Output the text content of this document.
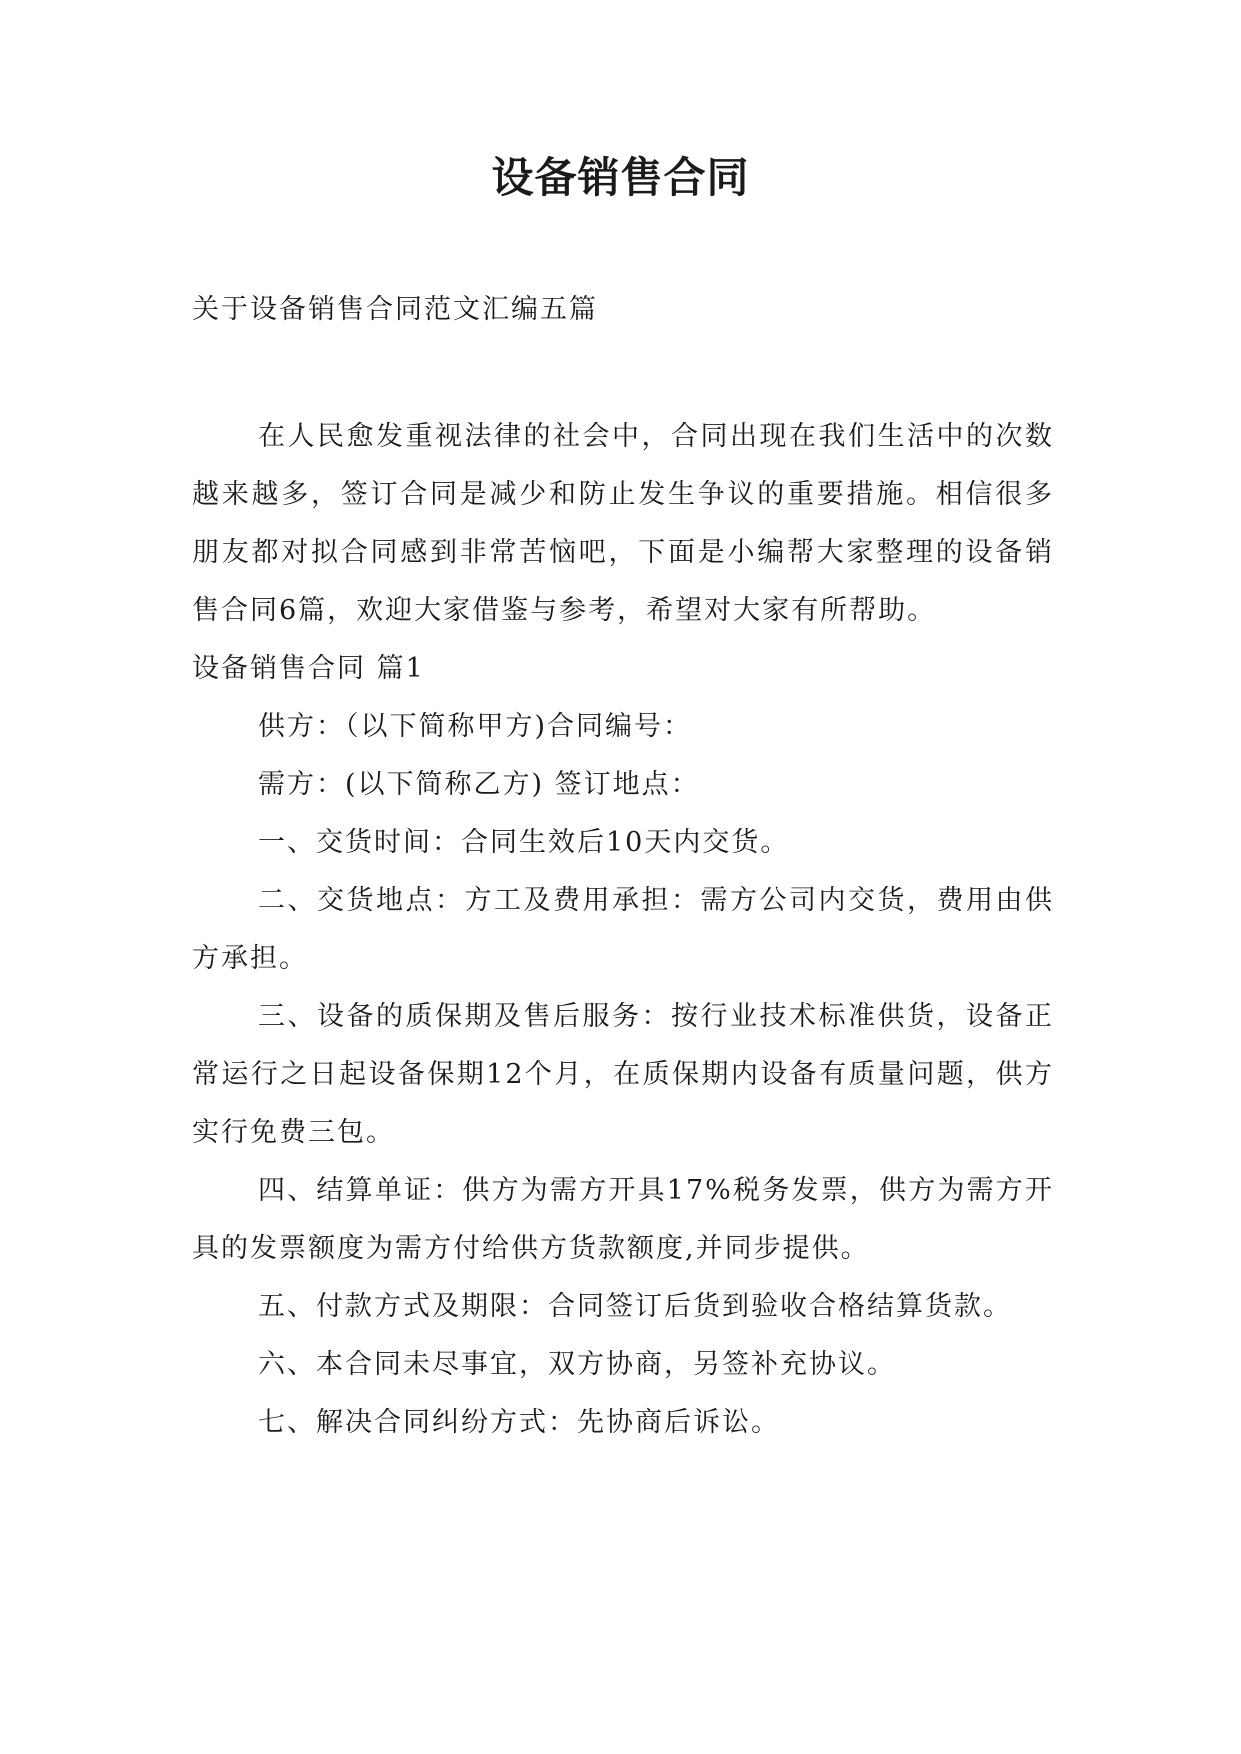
设备销售合同
关于设备销售合同范文汇编五篇

在人民愈发重视法律的社会中，合同出现在我们生活中的次数越来越多，签订合同是减少和防止发生争议的重要措施。相信很多朋友都对拟合同感到非常苦恼吧，下面是小编帮大家整理的设备销售合同6篇，欢迎大家借鉴与参考，希望对大家有所帮助。

设备销售合同 篇1

供方：（以下简称甲方)合同编号：

需方：(以下简称乙方) 签订地点：

一、交货时间：合同生效后10天内交货。

二、交货地点：方工及费用承担：需方公司内交货，费用由供方承担。

三、设备的质保期及售后服务：按行业技术标准供货，设备正常运行之日起设备保期12个月，在质保期内设备有质量问题，供方实行免费三包。

四、结算单证：供方为需方开具17%税务发票，供方为需方开具的发票额度为需方付给供方货款额度,并同步提供。

五、付款方式及期限：合同签订后货到验收合格结算货款。

六、本合同未尽事宜，双方协商，另签补充协议。

七、解决合同纠纷方式：先协商后诉讼。
